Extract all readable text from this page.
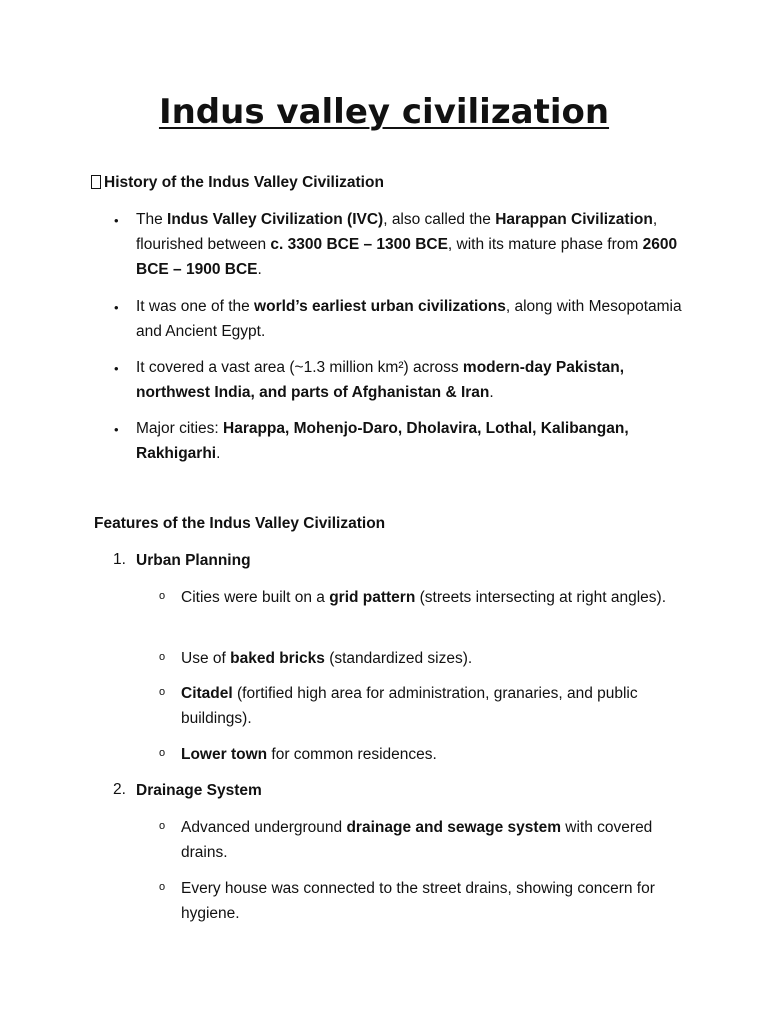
Indus valley civilization

History of the Indus Valley Civilization

• The Indus Valley Civilization (IVC), also called the Harappan Civilization, flourished between c. 3300 BCE – 1300 BCE, with its mature phase from 2600 BCE – 1900 BCE.

• It was one of the world’s earliest urban civilizations, along with Mesopotamia and Ancient Egypt.

• It covered a vast area (~1.3 million km²) across modern-day Pakistan, northwest India, and parts of Afghanistan & Iran.

• Major cities: Harappa, Mohenjo-Daro, Dholavira, Lothal, Kalibangan, Rakhigarhi.

Features of the Indus Valley Civilization

1. Urban Planning

o Cities were built on a grid pattern (streets intersecting at right angles).

o Use of baked bricks (standardized sizes).

o Citadel (fortified high area for administration, granaries, and public buildings).

o Lower town for common residences.

2. Drainage System

o Advanced underground drainage and sewage system with covered drains.

o Every house was connected to the street drains, showing concern for hygiene.
